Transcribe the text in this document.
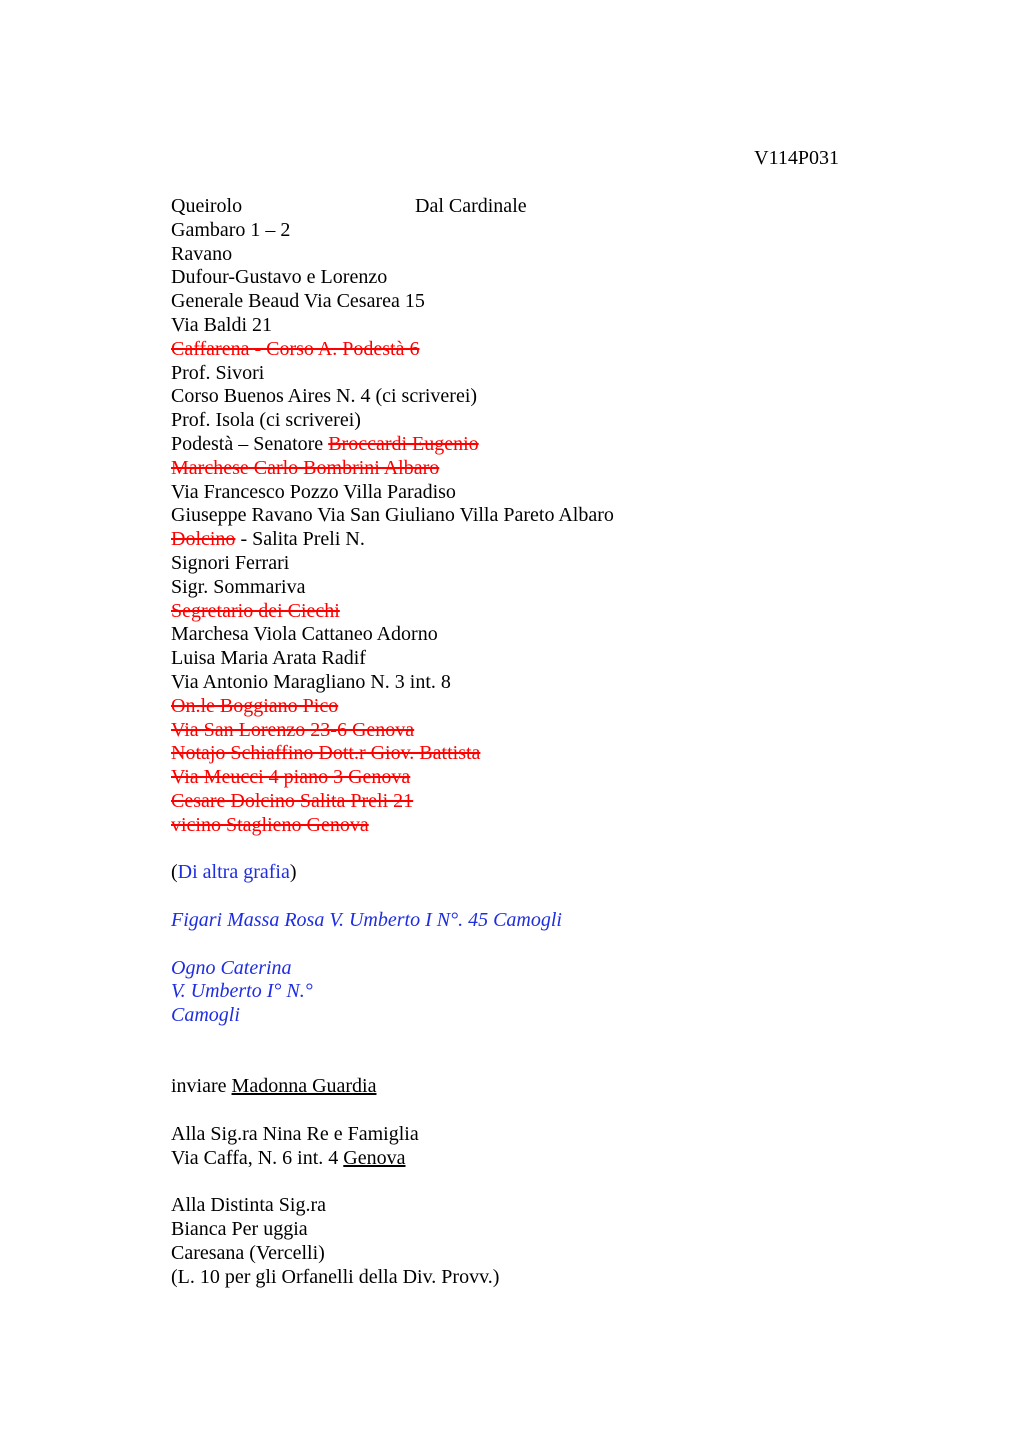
V114P031
Queirolo	Dal Cardinale
Gambaro 1 – 2
Ravano
Dufour-Gustavo e Lorenzo
Generale Beaud Via Cesarea 15
Via Baldi 21
Caffarena - Corso A. Podestà 6
Prof. Sivori
Corso Buenos Aires N. 4 (ci scriverei)
Prof. Isola (ci scriverei)
Podestà – Senatore Broccardi Eugenio
Marchese Carlo Bombrini Albaro
Via Francesco Pozzo Villa Paradiso
Giuseppe Ravano Via San Giuliano Villa Pareto Albaro
Dolcino - Salita Preli N.
Signori Ferrari
Sigr. Sommariva
Segretario dei Ciechi
Marchesa Viola Cattaneo Adorno
Luisa Maria Arata Radif
Via Antonio Maragliano N. 3 int. 8
On.le Boggiano Pico
Via San Lorenzo 23-6 Genova
Notajo Schiaffino Dott.r Giov. Battista
Via Meucci 4 piano 3 Genova
Cesare Dolcino Salita Preli 21
vicino Staglieno Genova
(Di altra grafia)
Figari Massa Rosa V. Umberto I N°. 45 Camogli
Ogno Caterina
V. Umberto I° N.°
Camogli
inviare Madonna Guardia
Alla Sig.ra Nina Re e Famiglia
Via Caffa, N. 6 int. 4 Genova
Alla Distinta Sig.ra
Bianca Per uggia
Caresana (Vercelli)
(L. 10 per gli Orfanelli della Div. Provv.)
